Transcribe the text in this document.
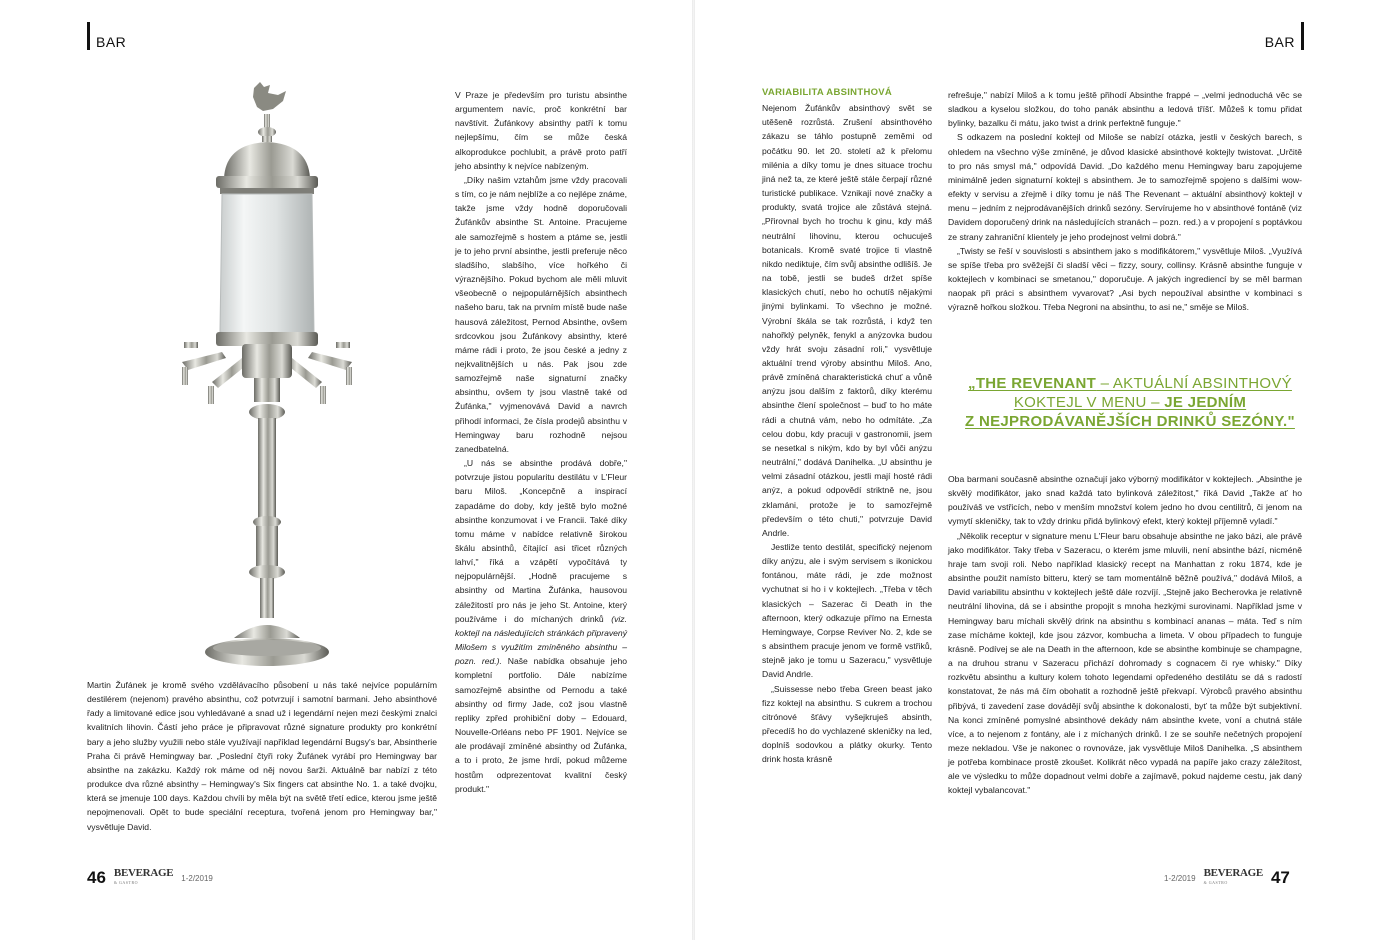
BAR

Martin Žufánek je kromě svého vzdělávacího působení u nás také nejvíce populárním destilérem (nejenom) pravého absinthu, což potvrzují i samotní barmani. Jeho absinthové řady a limitované edice jsou vyhledávané a snad už i legendární nejen mezi českými znalci kvalitních lihovin. Částí jeho práce je připravovat různé signature produkty pro konkrétní bary a jeho služby využili nebo stále využívají například legendární Bugsy's bar, Absintherie Praha či právě Hemingway bar. „Poslední čtyři roky Žufánek vyrábí pro Hemingway bar absinthe na zakázku. Každý rok máme od něj novou šarži. Aktuálně bar nabízí z této produkce dva různé absinthy – Hemingway's Six fingers cat absinthe No. 1. a také dvojku, která se jmenuje 100 days. Každou chvíli by měla být na světě třetí edice, kterou jsme ještě nepojmenovali. Opět to bude speciální receptura, tvořená jenom pro Hemingway bar," vysvětluje David.

V Praze je především pro turistu absinthe argumentem navíc, proč konkrétní bar navštívit. Žufánkovy absinthy patří k tomu nejlepšímu, čím se může česká alkoprodukce pochlubit, a právě proto patří jeho absinthy k nejvíce nabízeným.

„Díky našim vztahům jsme vždy pracovali s tím, co je nám nejblíže a co nejlépe známe, takže jsme vždy hodně doporučovali Žufánkův absinthe St. Antoine. Pracujeme ale samozřejmě s hostem a ptáme se, jestli je to jeho první absinthe, jestli preferuje něco sladšího, slabšího, více hořkého či výraznějšího. Pokud bychom ale měli mluvit všeobecně o nejpopulárnějších absinthech našeho baru, tak na prvním místě bude naše hausová záležitost, Pernod Absinthe, ovšem srdcovkou jsou Žufánkovy absinthy, které máme rádi i proto, že jsou české a jedny z nejkvalitnějších u nás. Pak jsou zde samozřejmě naše signaturní značky absinthu, ovšem ty jsou vlastně také od Žufánka," vyjmenovává David a navrch přihodí informaci, že čísla prodejů absinthu v Hemingway baru rozhodně nejsou zanedbatelná.

„U nás se absinthe prodává dobře," potvrzuje jistou popularitu destilátu v L'Fleur baru Miloš. „Koncepčně a inspirací zapadáme do doby, kdy ještě bylo možné absinthe konzumovat i ve Francii. Také díky tomu máme v nabídce relativně širokou škálu absinthů, čítající asi třicet různých lahví," říká a vzápětí vypočítává ty nejpopulárnější. „Hodně pracujeme s absinthy od Martina Žufánka, hausovou záležitostí pro nás je jeho St. Antoine, který používáme i do míchaných drinků (viz. koktejl na následujících stránkách připravený Milošem s využitím zmíněného absinthu – pozn. red.). Naše nabídka obsahuje jeho kompletní portfolio. Dále nabízíme samozřejmě absinthe od Pernodu a také absinthy od firmy Jade, což jsou vlastně repliky zpřed prohibiční doby – Edouard, Nouvelle-Orléans nebo PF 1901. Nejvíce se ale prodávají zmíněné absinthy od Žufánka, a to i proto, že jsme hrdí, pokud můžeme hostům odprezentovat kvalitní český produkt."

46 BEVERAGE
& GASTRO	1-2/2019
BAR
VARIABILITA ABSINTHOVÁ

Nejenom Žufánkův absinthový svět se utěšeně rozrůstá. Zrušení absinthového zákazu se táhlo postupně zeměmi od počátku 90. let 20. století až k přelomu milénia a díky tomu je dnes situace trochu jiná než ta, ze které ještě stále čerpají různé turistické publikace. Vznikají nové značky a produkty, svatá trojice ale zůstává stejná. „Přirovnal bych ho trochu k ginu, kdy máš neutrální lihovinu, kterou ochucuješ botanicals. Kromě svaté trojice ti vlastně nikdo nediktuje, čím svůj absinthe odlišíš. Je na tobě, jestli se budeš držet spíše klasických chutí, nebo ho ochutíš nějakými jinými bylinkami. To všechno je možné. Výrobní škála se tak rozrůstá, i když ten nahořklý pelyněk, fenykl a anýzovka budou vždy hrát svoju zásadní roli," vysvětluje aktuální trend výroby absinthu Miloš. Ano, právě zmíněná charakteristická chuť a vůně anýzu jsou dalším z faktorů, díky kterému absinthe člení společnost – buď to ho máte rádi a chutná vám, nebo ho odmítáte. „Za celou dobu, kdy pracuji v gastronomii, jsem se nesetkal s nikým, kdo by byl vůči anýzu neutrální," dodává Danihelka. „U absinthu je velmi zásadní otázkou, jestli mají hosté rádi anýz, a pokud odpovědí striktně ne, jsou zklamáni, protože je to samozřejmě především o této chuti," potvrzuje David Andrle.

Jestliže tento destilát, specifický nejenom díky anýzu, ale i svým servisem s ikonickou fontánou, máte rádi, je zde možnost vychutnat si ho i v koktejlech. „Třeba v těch klasických – Sazerac či Death in the afternoon, který odkazuje přímo na Ernesta Hemingwaye, Corpse Reviver No. 2, kde se s absinthem pracuje jenom ve formě vstřiků, stejně jako je tomu u Sazeracu," vysvětluje David Andrle.

„Suissesse nebo třeba Green beast jako fizz koktejl na absinthu. S cukrem a trochou citrónové šťávy vyšejkruješ absinth, přecedíš ho do vychlazené skleničky na led, doplníš sodovkou a plátky okurky. Tento drink hosta krásně

refrešuje," nabízí Miloš a k tomu ještě přihodí Absinthe frappé – „velmi jednoduchá věc se sladkou a kyselou složkou, do toho panák absinthu a ledová tříšť. Můžeš k tomu přidat bylinky, bazalku či mátu, jako twist a drink perfektně funguje."

S odkazem na poslední koktejl od Miloše se nabízí otázka, jestli v českých barech, s ohledem na všechno výše zmíněné, je důvod klasické absinthové koktejly twistovat. „Určitě to pro nás smysl má," odpovídá David. „Do každého menu Hemingway baru zapojujeme minimálně jeden signaturní koktejl s absinthem. Je to samozřejmě spojeno s dalšími wow-efekty v servisu a zřejmě i díky tomu je náš The Revenant – aktuální absinthový koktejl v menu – jedním z nejprodávanějších drinků sezóny. Servírujeme ho v absinthové fontáně (viz Davidem doporučený drink na následujících stranách – pozn. red.) a v propojení s poptávkou ze strany zahraniční klientely je jeho prodejnost velmi dobrá."

„Twisty se řeší v souvislosti s absinthem jako s modifikátorem," vysvětluje Miloš. „Využívá se spíše třeba pro svěžejší či sladší věci – fizzy, soury, collinsy. Krásně absinthe funguje v koktejlech v kombinaci se smetanou," doporučuje. A jakých ingrediencí by se měl barman naopak při práci s absinthem vyvarovat? „Asi bych nepoužíval absinthe v kombinaci s výrazně hořkou složkou. Třeba Negroni na absinthu, to asi ne," směje se Miloš.

„THE REVENANT – AKTUÁLNÍ ABSINTHOVÝ
KOKTEJL V MENU – JE JEDNÍM
Z NEJPRODÁVANĚJŠÍCH DRINKŮ SEZÓNY."

Oba barmani současně absinthe označují jako výborný modifikátor v koktejlech. „Absinthe je skvělý modifikátor, jako snad každá tato bylinková záležitost," říká David „Takže ať ho používáš ve vstřicích, nebo v menším množství kolem jedno ho dvou centilitrů, či jenom na vymytí skleničky, tak to vždy drinku přidá bylinkový efekt, který koktejl příjemně vyladí."

„Několik receptur v signature menu L'Fleur baru obsahuje absinthe ne jako bázi, ale právě jako modifikátor. Taky třeba v Sazeracu, o kterém jsme mluvili, není absinthe bází, nicméně hraje tam svoji roli. Nebo například klasický recept na Manhattan z roku 1874, kde je absinthe použit namísto bitteru, který se tam momentálně běžně používá," dodává Miloš, a David variabilitu absinthu v koktejlech ještě dále rozvíjí. „Stejně jako Becherovka je relativně neutrální lihovina, dá se i absinthe propojit s mnoha hezkými surovinami. Například jsme v Hemingway baru míchali skvělý drink na absinthu s kombinací ananas – máta. Teď s ním zase mícháme koktejl, kde jsou zázvor, kombucha a limeta. V obou případech to funguje krásně. Podívej se ale na Death in the afternoon, kde se absinthe kombinuje se champagne, a na druhou stranu v Sazeracu přichází dohromady s cognacem či rye whisky." Díky rozkvětu absinthu a kultury kolem tohoto legendami opředeného destilátu se dá s radostí konstatovat, že nás má čím obohatit a rozhodně ještě překvapí. Výrobců pravého absinthu přibývá, ti zavedení zase dovádějí svůj absinthe k dokonalosti, byť ta může být subjektivní. Na konci zmíněné pomyslné absinthové dekády nám absinthe kvete, voní a chutná stále více, a to nejenom z fontány, ale i z míchaných drinků. I ze se souhře nečetných propojení meze nekladou. Vše je nakonec o rovnováze, jak vysvětluje Miloš Danihelka. „S absinthem je potřeba kombinace prostě zkoušet. Kolikrát něco vypadá na papíře jako crazy záležitost, ale ve výsledku to může dopadnout velmi dobře a zajímavě, pokud najdeme cestu, jak daný koktejl vybalancovat."

1-2/2019 BEVERAGE
& GASTRO	47
